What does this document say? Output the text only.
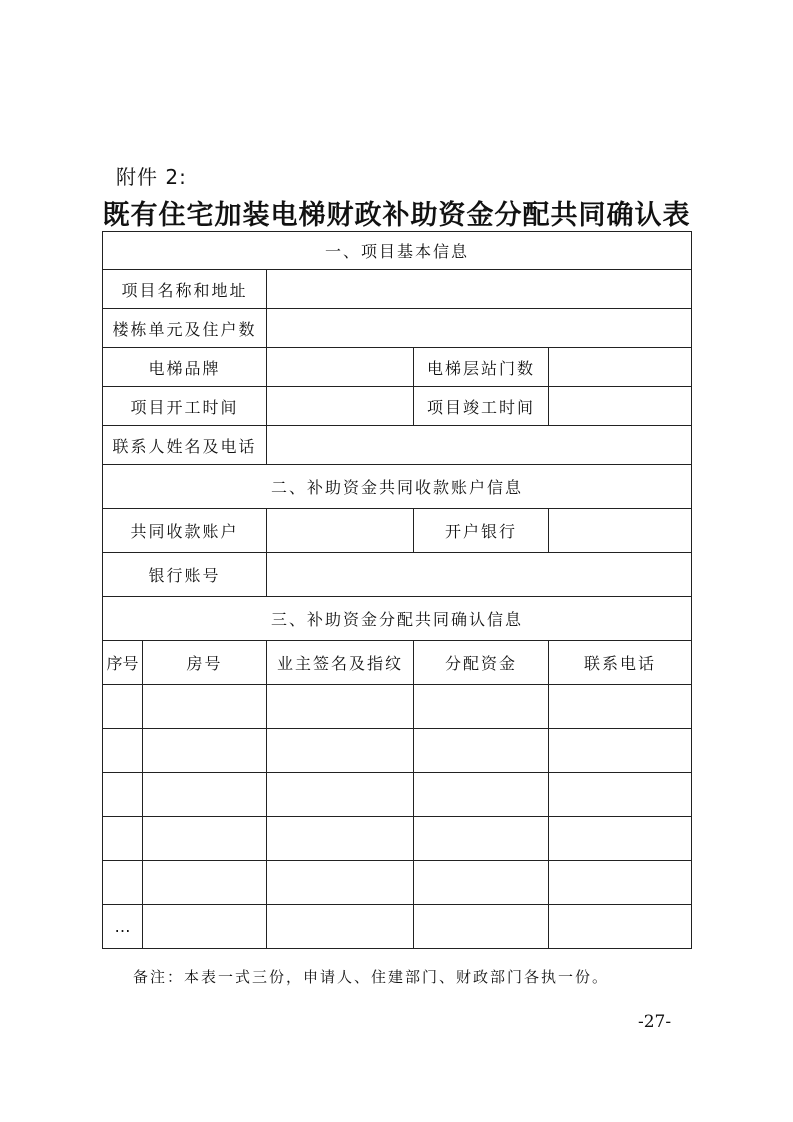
附件 2:
既有住宅加装电梯财政补助资金分配共同确认表
一、项目基本信息				
项目名称和地址				
楼栋单元及住户数				
电梯品牌			电梯层站门数	
项目开工时间			项目竣工时间	
联系人姓名及电话				
二、补助资金共同收款账户信息				
共同收款账户			开户银行	
银行账号				
三、补助资金分配共同确认信息				
序号	房号	业主签名及指纹	分配资金	联系电话

…				
备注：本表一式三份，申请人、住建部门、财政部门各执一份。
-27-
